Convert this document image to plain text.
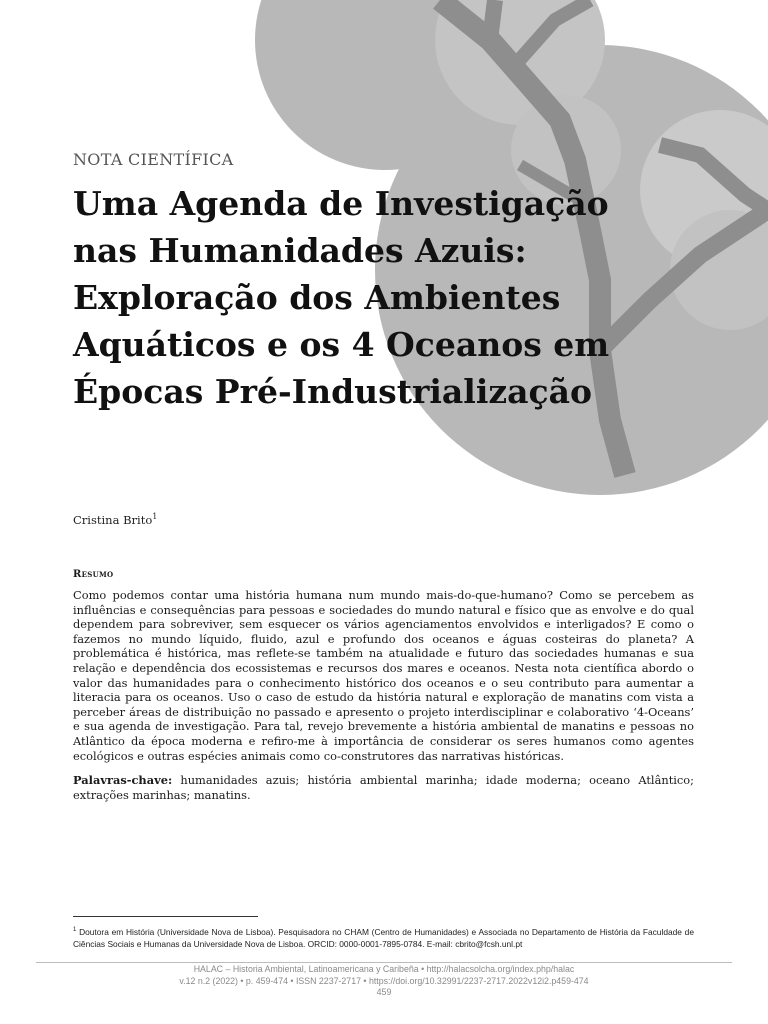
NOTA CIENTÍFICA
Uma Agenda de Investigação nas Humanidades Azuis: Exploração dos Ambientes Aquáticos e os 4 Oceanos em Épocas Pré-Industrialização
Cristina Brito$^1$
Resumo

Como podemos contar uma história humana num mundo mais-do-que-humano? Como se percebem as influências e consequências para pessoas e sociedades do mundo natural e físico que as envolve e do qual dependem para sobreviver, sem esquecer os vários agenciamentos envolvidos e interligados? E como o fazemos no mundo líquido, fluido, azul e profundo dos oceanos e águas costeiras do planeta? A problemática é histórica, mas reflete-se também na atualidade e futuro das sociedades humanas e sua relação e dependência dos ecossistemas e recursos dos mares e oceanos. Nesta nota científica abordo o valor das humanidades para o conhecimento histórico dos oceanos e o seu contributo para aumentar a literacia para os oceanos. Uso o caso de estudo da história natural e exploração de manatins com vista a perceber áreas de distribuição no passado e apresento o projeto interdisciplinar e colaborativo ‘4-Oceans’ e sua agenda de investigação. Para tal, revejo brevemente a história ambiental de manatins e pessoas no Atlântico da época moderna e refiro-me à importância de considerar os seres humanos como agentes ecológicos e outras espécies animais como co-construtores das narrativas históricas.

Palavras-chave: humanidades azuis; história ambiental marinha; idade moderna; oceano Atlântico; extrações marinhas; manatins.

$^1$ Doutora em História (Universidade Nova de Lisboa). Pesquisadora no CHAM (Centro de Humanidades) e Associada no Departamento de História da Faculdade de Ciências Sociais e Humanas da Universidade Nova de Lisboa. ORCID: 0000-0001-7895-0784. E-mail: cbrito@fcsh.unl.pt

HALAC – Historia Ambiental, Latinoamericana y Caribeña • http://halacsolcha.org/index.php/halac
v.12 n.2 (2022) • p. 459-474 • ISSN 2237-2717 • https://doi.org/10.32991/2237-2717.2022v12i2.p459-474
459
